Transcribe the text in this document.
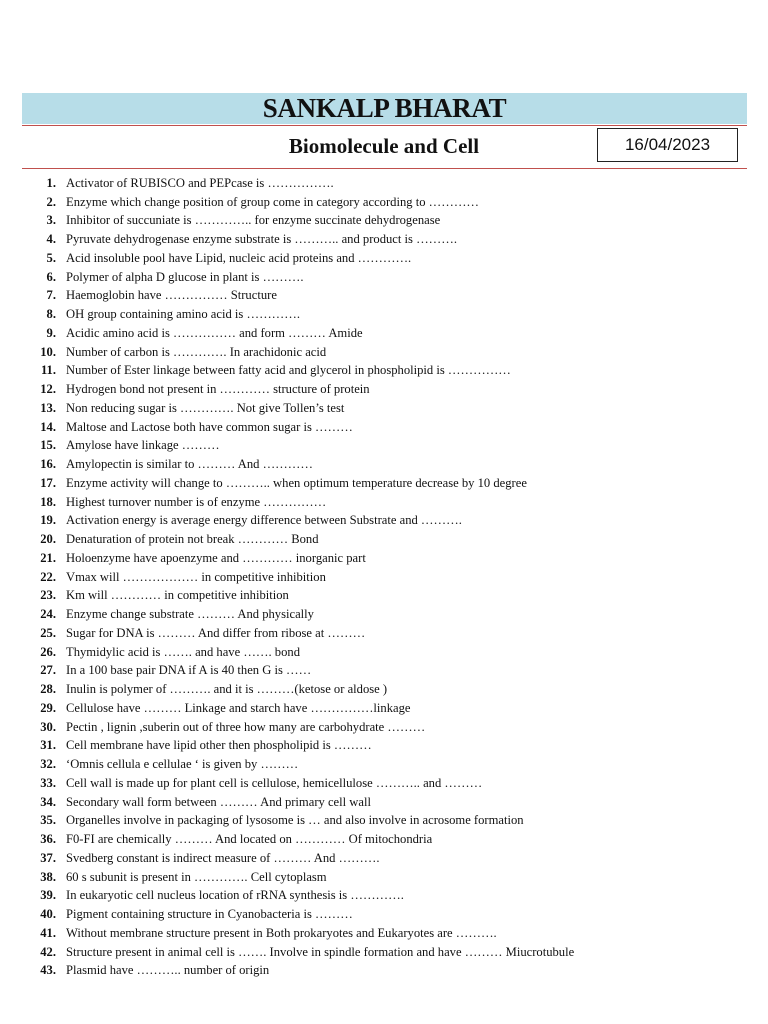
SANKALP BHARAT
Biomolecule and Cell	16/04/2023
1. Activator of RUBISCO and PEPcase is …………….
2. Enzyme which change position of group come in category according to …………
3. Inhibitor of succuniate is ………….. for enzyme succinate dehydrogenase
4. Pyruvate dehydrogenase enzyme substrate is ……….. and product is ……….
5. Acid insoluble pool have Lipid, nucleic acid proteins and ………….
6. Polymer of alpha D glucose in plant is ……….
7. Haemoglobin have …………… Structure
8. OH group containing amino acid is ………….
9. Acidic amino acid is …………… and form ……… Amide
10. Number of carbon is …………. In arachidonic acid
11. Number of Ester linkage between fatty acid and glycerol in phospholipid is ……………
12. Hydrogen bond not present in ………… structure of protein
13. Non reducing sugar is …………. Not give Tollen’s test
14. Maltose and Lactose both have common sugar is ………
15. Amylose have linkage ………
16. Amylopectin is similar to ……… And …………
17. Enzyme activity will change to ……….. when optimum temperature decrease by 10 degree
18. Highest turnover number is of enzyme ……………
19. Activation energy is average energy difference between Substrate and ……….
20. Denaturation of protein not break ………… Bond
21. Holoenzyme have apoenzyme and ………… inorganic part
22. Vmax will ……………… in competitive inhibition
23. Km will ………… in competitive inhibition
24. Enzyme change substrate ……… And physically
25. Sugar for DNA is ……… And differ from ribose at ………
26. Thymidylic acid is ……. and have ……. bond
27. In a 100 base pair DNA if A is 40 then G is ……
28. Inulin is polymer of ………. and it is ………(ketose or aldose )
29. Cellulose have ……… Linkage and starch have ……………linkage
30. Pectin , lignin ,suberin out of three how many are carbohydrate ………
31. Cell membrane have lipid other then phospholipid is ………
32. ‘Omnis cellula e cellulae ‘ is given by ………
33. Cell wall is made up for plant cell is cellulose, hemicellulose ……….. and ………
34. Secondary wall form between ……… And primary cell wall
35. Organelles involve in packaging of lysosome is … and also involve in acrosome formation
36. F0-FI are chemically ……… And located on ………… Of mitochondria
37. Svedberg constant is indirect measure of ……… And ……….
38. 60 s subunit is present in …………. Cell cytoplasm
39. In eukaryotic cell nucleus location of rRNA synthesis is ………….
40. Pigment containing structure in Cyanobacteria is ………
41. Without membrane structure present in Both prokaryotes and Eukaryotes are ……….
42. Structure present in animal cell is ……. Involve in spindle formation and have ……… Miucrotubule
43. Plasmid have ……….. number of origin
